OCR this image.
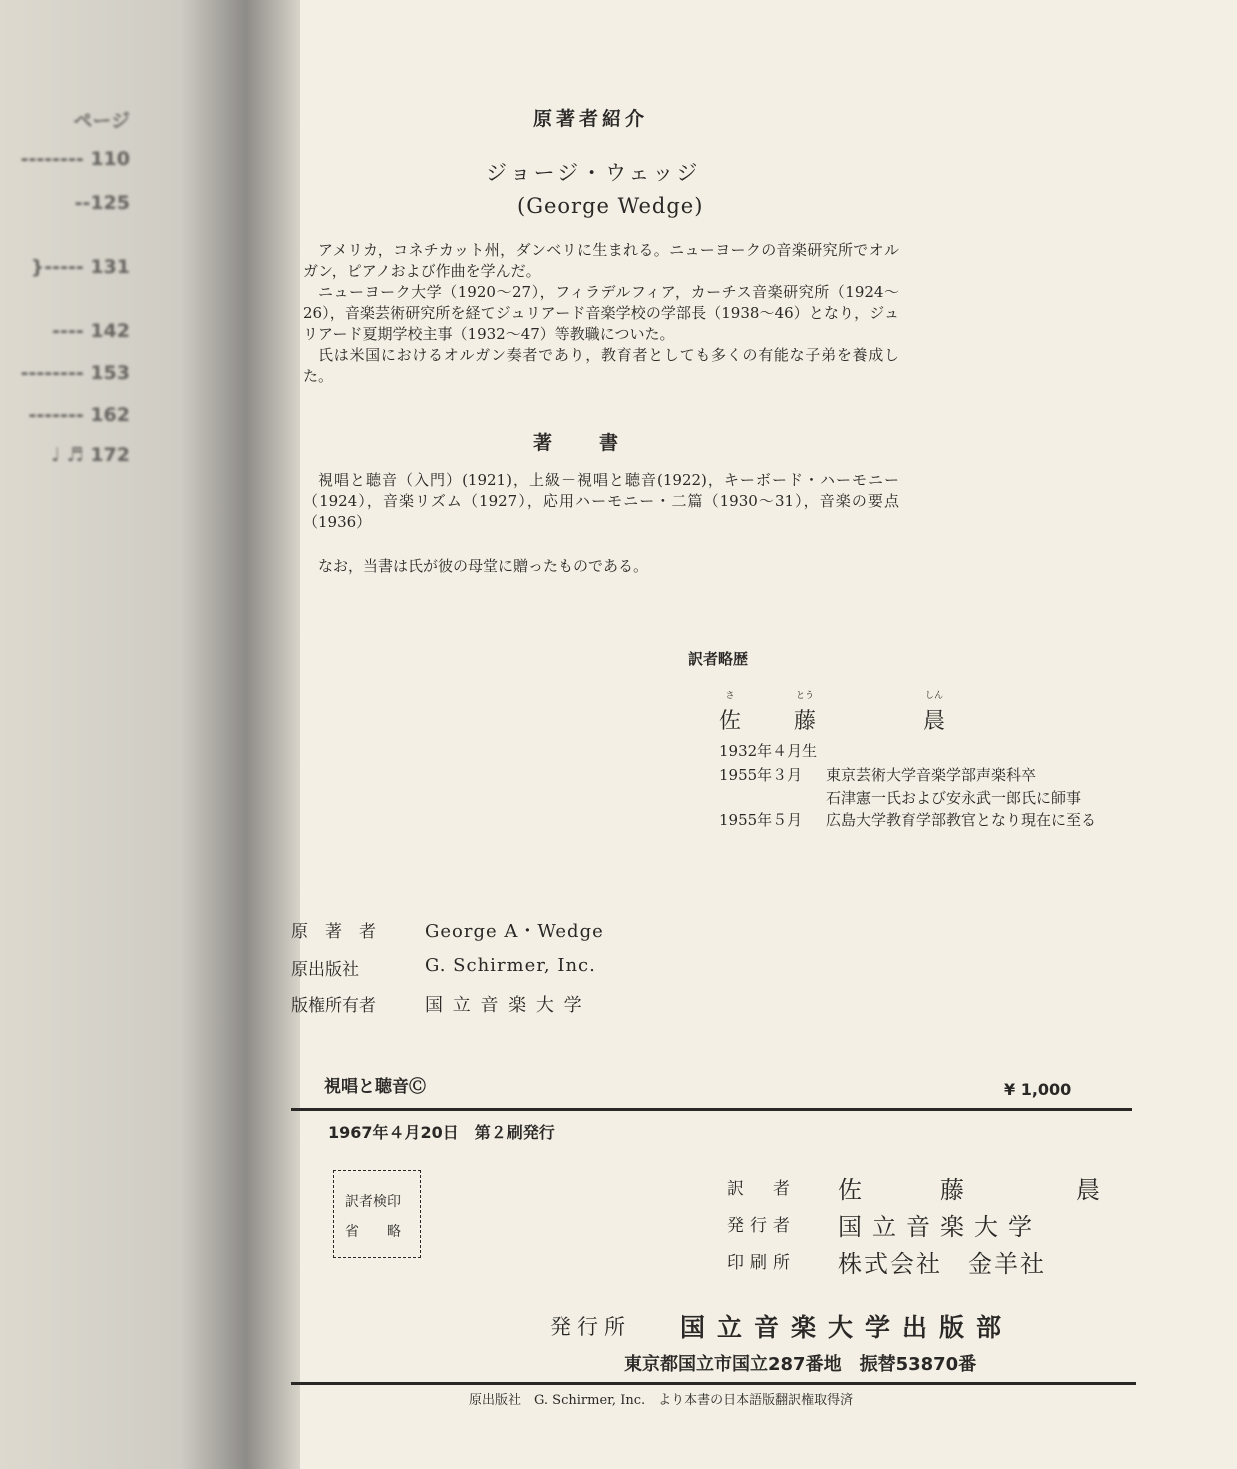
ページ
-------- 110
--125
}----- 131
---- 142
-------- 153
------- 162
♩ ♬ 172
原著者紹介
ジョージ・ウェッジ
(George Wedge)

アメリカ，コネチカット州，ダンベリに生まれる。ニューヨークの音楽研究所でオルガン，ピアノおよび作曲を学んだ。

ニューヨーク大学（1920～27），フィラデルフィア，カーチス音楽研究所（1924～26），音楽芸術研究所を経てジュリアード音楽学校の学部長（1938～46）となり，ジュリアード夏期学校主事（1932～47）等教職についた。

氏は米国におけるオルガン奏者であり，教育者としても多くの有能な子弟を養成した。

著　書

視唱と聴音（入門）(1921)，上級－視唱と聴音(1922)，キーボード・ハーモニー（1924），音楽リズム（1927），応用ハーモニー・二篇（1930～31），音楽の要点（1936）

なお，当書は氏が彼の母堂に贈ったものである。

訳者略歴
さ
佐
とう
藤
しん
晨
1932年４月生
1955年３月 東京芸術大学音楽学部声楽科卒
石津憲一氏および安永武一郎氏に師事
1955年５月 広島大学教育学部教官となり現在に至る
原　著　者	George A・Wedge
原出版社	G. Schirmer, Inc.
版権所有者	国 立 音 楽 大 学
視唱と聴音Ⓒ	¥ 1,000
1967年４月20日　第２刷発行
訳者検印
省　　略
訳　者 佐　　藤　　　晨
発行者 国立音楽大学
印刷所 株式会社　金羊社
発行所 国立音楽大学出版部
東京都国立市国立287番地　振替53870番
原出版社　G. Schirmer, Inc.　より本書の日本語版翻訳権取得済
